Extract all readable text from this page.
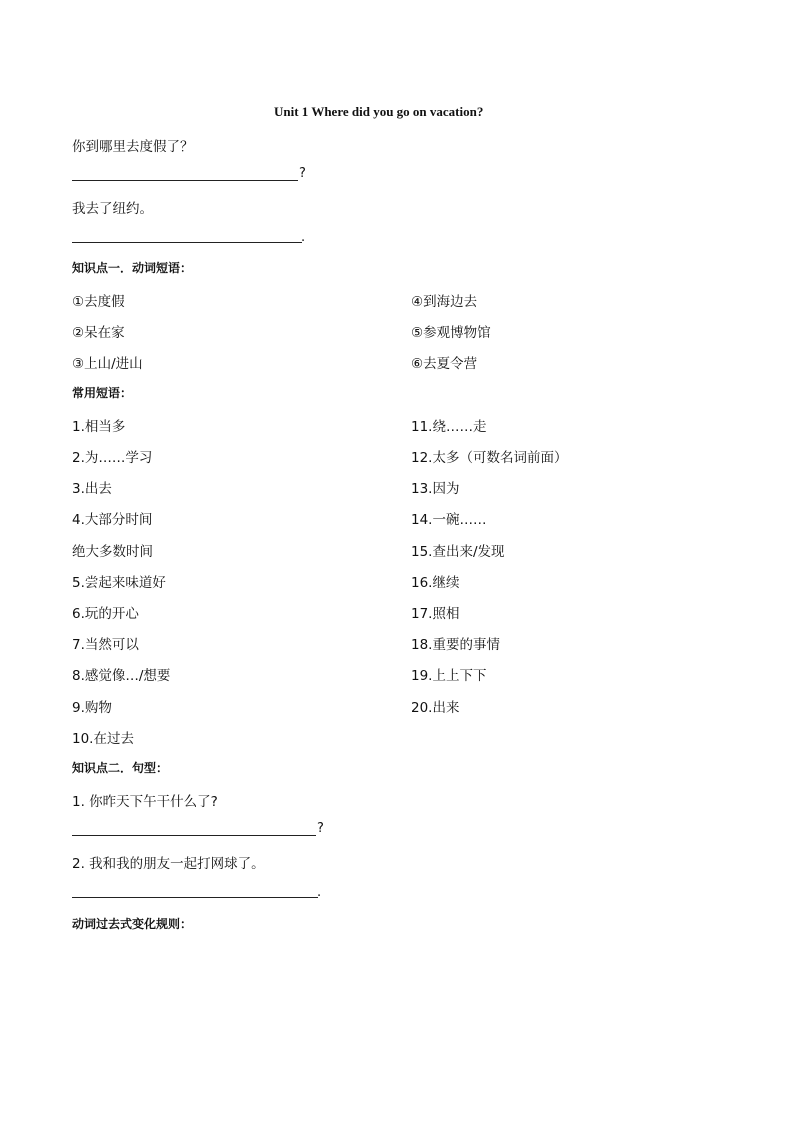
Unit 1 Where did you go on vacation?
你到哪里去度假了？
?
我去了纽约。
.
知识点一．动词短语：
①去度假
②呆在家
③上山/进山
④到海边去
⑤参观博物馆
⑥去夏令营
常用短语：
1.相当多
2.为……学习
3.出去
4.大部分时间
绝大多数时间
5.尝起来味道好
6.玩的开心
7.当然可以
8.感觉像…/想要
9.购物
10.在过去
11.绕……走
12.太多（可数名词前面）
13.因为
14.一碗……
15.查出来/发现
16.继续
17.照相
18.重要的事情
19.上上下下
20.出来
知识点二．句型：
1. 你昨天下午干什么了?
?
2. 我和我的朋友一起打网球了。
.
动词过去式变化规则：
